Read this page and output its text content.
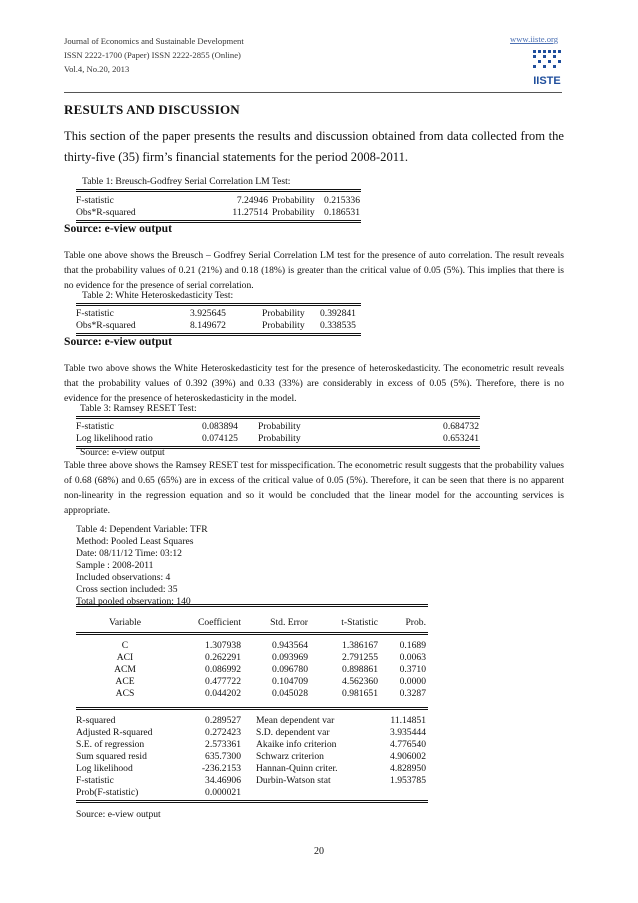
Journal of Economics and Sustainable Development
ISSN 2222-1700 (Paper) ISSN 2222-2855 (Online)
Vol.4, No.20, 2013
www.iiste.org
IISTE
RESULTS AND DISCUSSION
This section of the paper presents the results and discussion obtained from data collected from the thirty-five (35) firm’s financial statements for the period 2008-2011.
Table 1: Breusch-Godfrey Serial Correlation LM Test:
F-statistic	7.24946 Probability 0.215336
Obs*R-squared	11.27514 Probability 0.186531
Source: e-view output
Table one above shows the Breusch – Godfrey Serial Correlation LM test for the presence of auto correlation. The result reveals that the probability values of 0.21 (21%) and 0.18 (18%) is greater than the critical value of 0.05 (5%). This implies that there is no evidence for the presence of serial correlation.
Table 2: White Heteroskedasticity Test:
F-statistic	3.925645	Probability 0.392841
Obs*R-squared	8.149672	Probability 0.338535
Source: e-view output
Table two above shows the White Heteroskedasticity test for the presence of heteroskedasticity. The econometric result reveals that the probability values of 0.392 (39%) and 0.33 (33%) are considerably in excess of 0.05 (5%). Therefore, there is no evidence for the presence of heteroskedasticity in the model.
Table 3: Ramsey RESET Test:
F-statistic	0.083894 Probability	0.684732
Log likelihood ratio	0.074125 Probability	0.653241
Source: e-view output
Table three above shows the Ramsey RESET test for misspecification. The econometric result suggests that the probability values of 0.68 (68%) and 0.65 (65%) are in excess of the critical value of 0.05 (5%). Therefore, it can be seen that there is no apparent non-linearity in the regression equation and so it would be concluded that the linear model for the accounting services is appropriate.
Table 4: Dependent Variable: TFR
Method: Pooled Least Squares
Date: 08/11/12 Time: 03:12
Sample : 2008-2011
Included observations: 4
Cross section included: 35
Total pooled observation: 140
Variable	Coefficient	Std. Error	t-Statistic	Prob.
C	1.307938	0.943564	1.386167	0.1689
ACI	0.262291	0.093969	2.791255	0.0063
ACM	0.086992	0.096780	0.898861	0.3710
ACE	0.477722	0.104709	4.562360	0.0000
ACS	0.044202	0.045028	0.981651	0.3287
R-squared	0.289527 Mean dependent var	11.14851
Adjusted R-squared	0.272423 S.D. dependent var	3.935444
S.E. of regression	2.573361 Akaike info criterion	4.776540
Sum squared resid	635.7300 Schwarz criterion	4.906002
Log likelihood	-236.2153 Hannan-Quinn criter.	4.828950
F-statistic	34.46906 Durbin-Watson stat	1.953785
Prob(F-statistic)	0.000021
Source: e-view output
20
